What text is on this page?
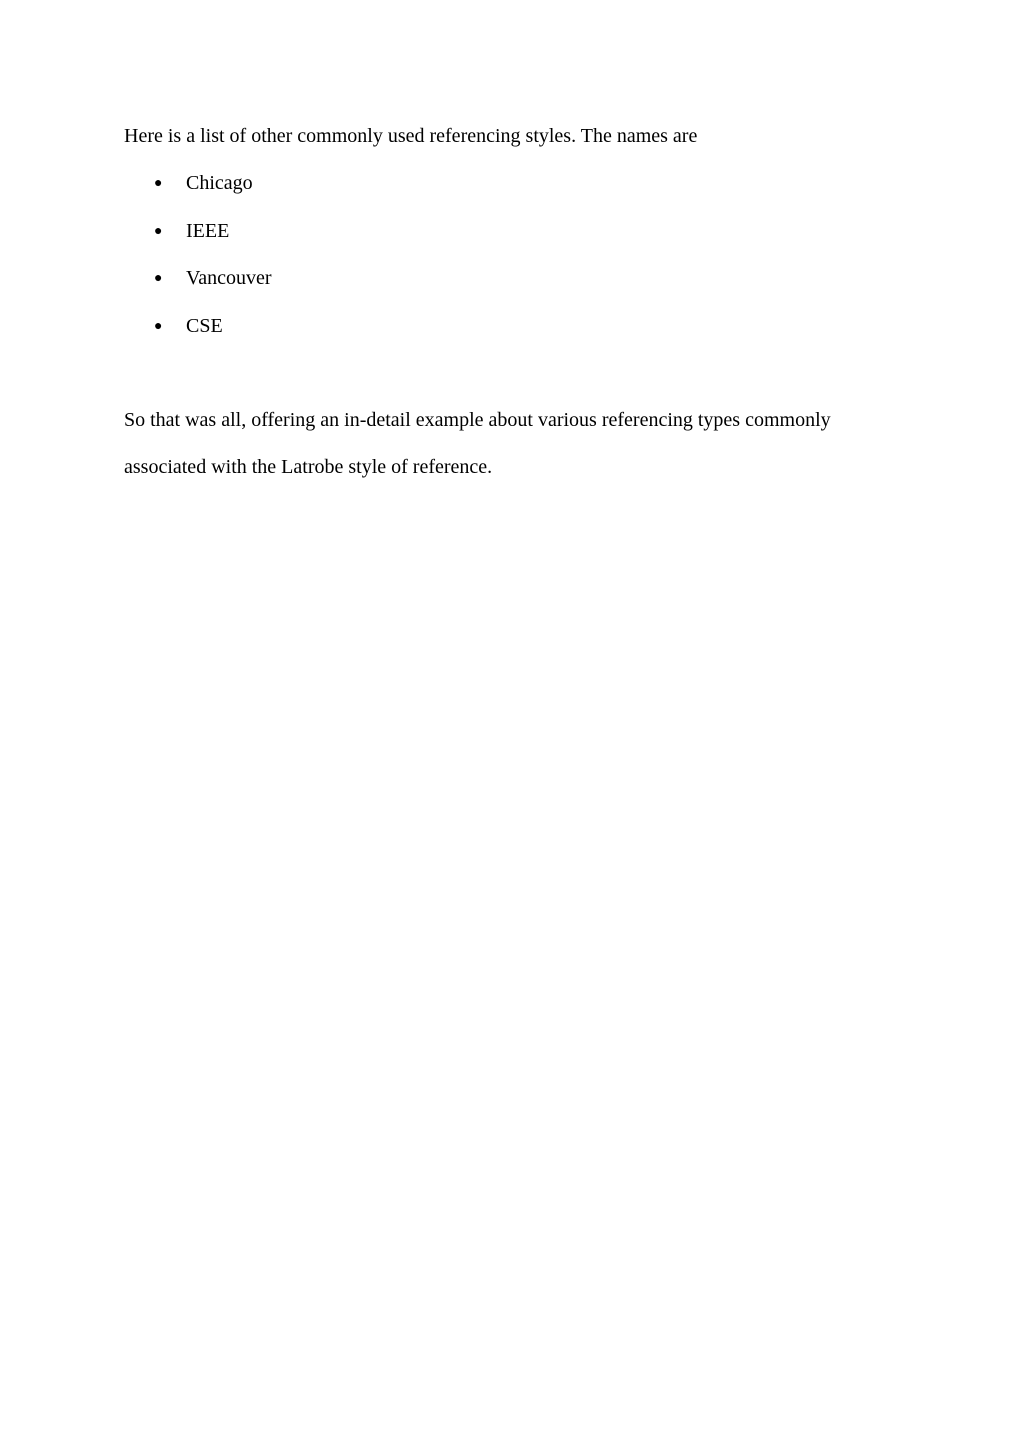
Here is a list of other commonly used referencing styles. The names are

● Chicago
● IEEE
● Vancouver
● CSE

So that was all, offering an in-detail example about various referencing types commonly
associated with the Latrobe style of reference.
